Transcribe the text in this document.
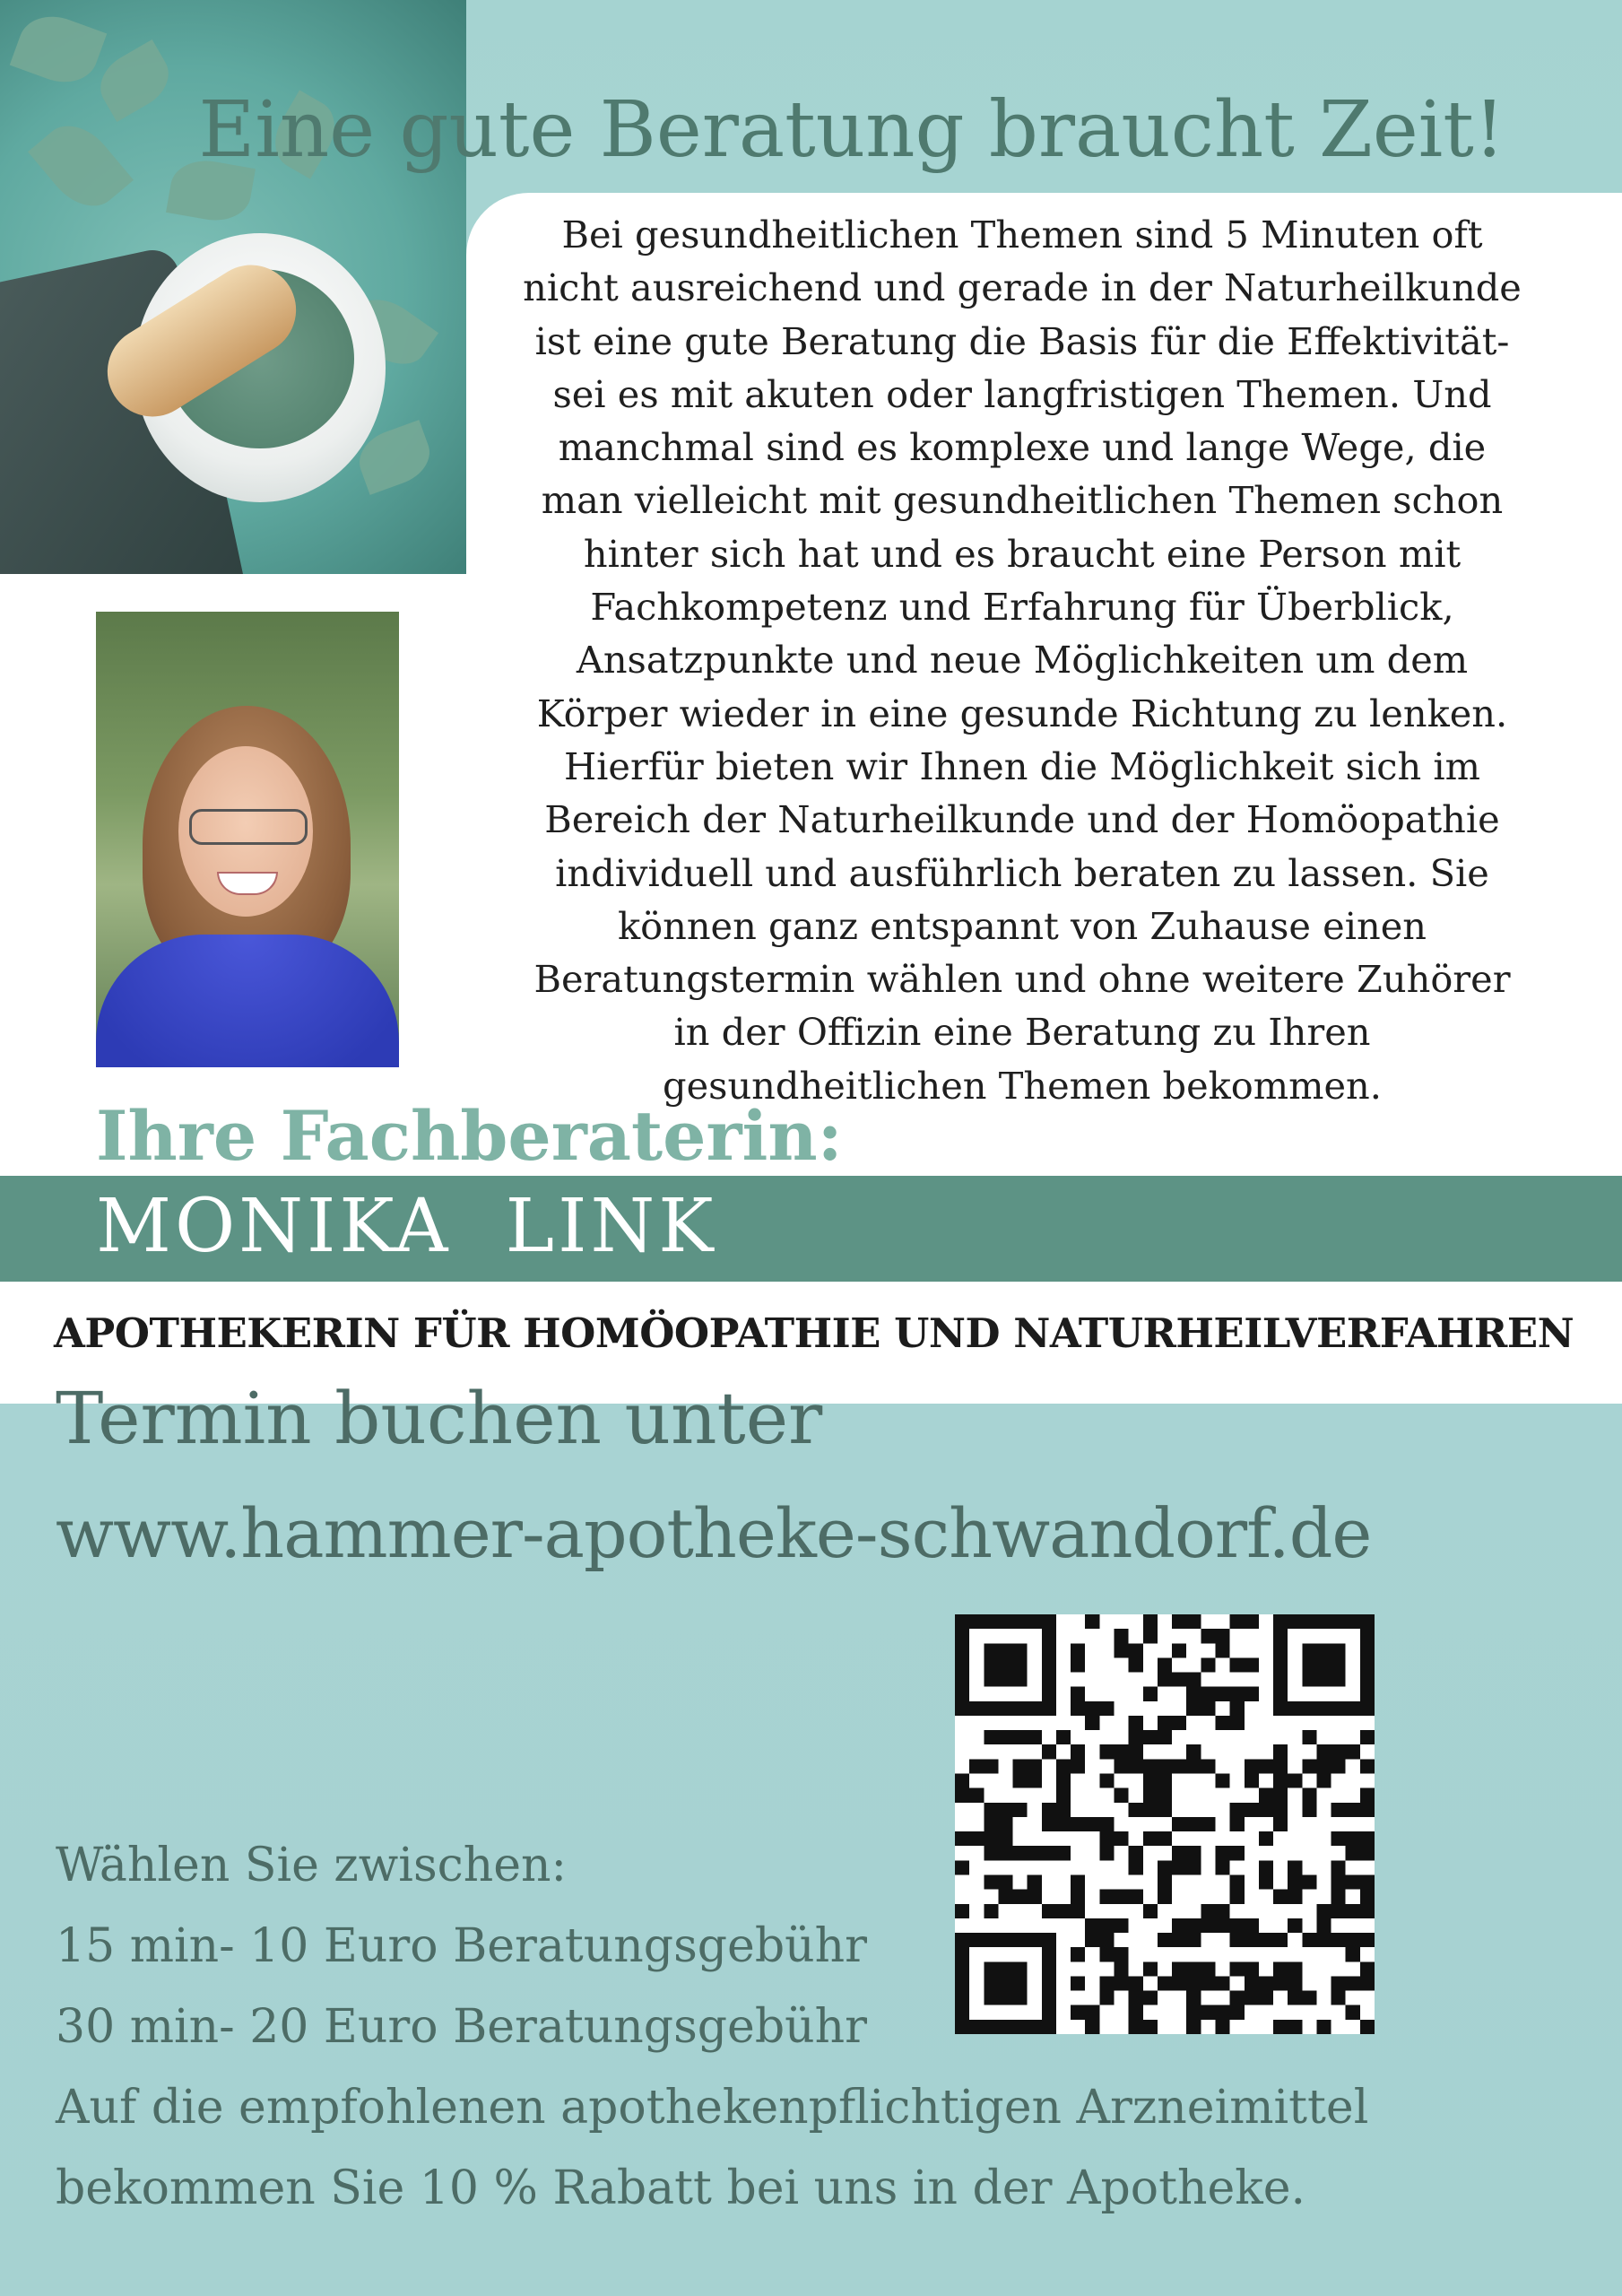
Eine gute Beratung braucht Zeit!
Bei gesundheitlichen Themen sind 5 Minuten oft
nicht ausreichend und gerade in der Naturheilkunde
ist eine gute Beratung die Basis für die Effektivität-
sei es mit akuten oder langfristigen Themen. Und
manchmal sind es komplexe und lange Wege, die
man vielleicht mit gesundheitlichen Themen schon
hinter sich hat und es braucht eine Person mit
Fachkompetenz und Erfahrung für Überblick,
Ansatzpunkte und neue Möglichkeiten um dem
Körper wieder in eine gesunde Richtung zu lenken.
Hierfür bieten wir Ihnen die Möglichkeit sich im
Bereich der Naturheilkunde und der Homöopathie
individuell und ausführlich beraten zu lassen. Sie
können ganz entspannt von Zuhause einen
Beratungstermin wählen und ohne weitere Zuhörer
in der Offizin eine Beratung zu Ihren
gesundheitlichen Themen bekommen.
Ihre Fachberaterin:
MONIKA  LINK
APOTHEKERIN FÜR HOMÖOPATHIE UND NATURHEILVERFAHREN
Termin buchen unter
www.hammer-apotheke-schwandorf.de
Wählen Sie zwischen:
15 min- 10 Euro Beratungsgebühr
30 min- 20 Euro Beratungsgebühr
Auf die empfohlenen apothekenpflichtigen Arzneimittel
bekommen Sie 10 % Rabatt bei uns in der Apotheke.
